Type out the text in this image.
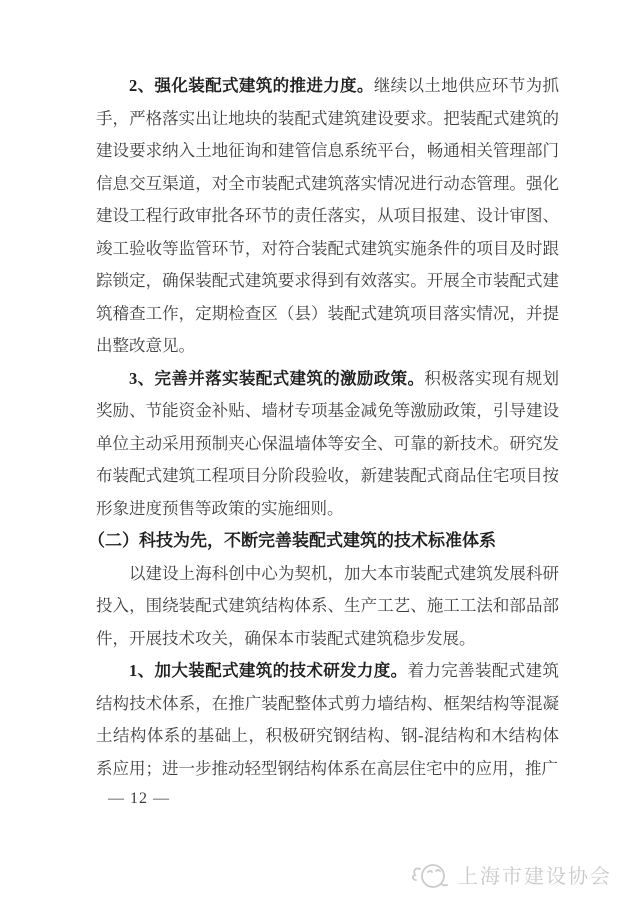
2、强化装配式建筑的推进力度。继续以土地供应环节为抓手，严格落实出让地块的装配式建筑建设要求。把装配式建筑的建设要求纳入土地征询和建管信息系统平台，畅通相关管理部门信息交互渠道，对全市装配式建筑落实情况进行动态管理。强化建设工程行政审批各环节的责任落实，从项目报建、设计审图、竣工验收等监管环节，对符合装配式建筑实施条件的项目及时跟踪锁定，确保装配式建筑要求得到有效落实。开展全市装配式建筑稽查工作，定期检查区（县）装配式建筑项目落实情况，并提出整改意见。

3、完善并落实装配式建筑的激励政策。积极落实现有规划奖励、节能资金补贴、墙材专项基金减免等激励政策，引导建设单位主动采用预制夹心保温墙体等安全、可靠的新技术。研究发布装配式建筑工程项目分阶段验收，新建装配式商品住宅项目按形象进度预售等政策的实施细则。

（二）科技为先，不断完善装配式建筑的技术标准体系

以建设上海科创中心为契机，加大本市装配式建筑发展科研投入，围绕装配式建筑结构体系、生产工艺、施工工法和部品部件，开展技术攻关，确保本市装配式建筑稳步发展。

1、加大装配式建筑的技术研发力度。着力完善装配式建筑结构技术体系，在推广装配整体式剪力墙结构、框架结构等混凝土结构体系的基础上，积极研究钢结构、钢-混结构和木结构体系应用；进一步推动轻型钢结构体系在高层住宅中的应用，推广

— 12 —
上海市建设协会
